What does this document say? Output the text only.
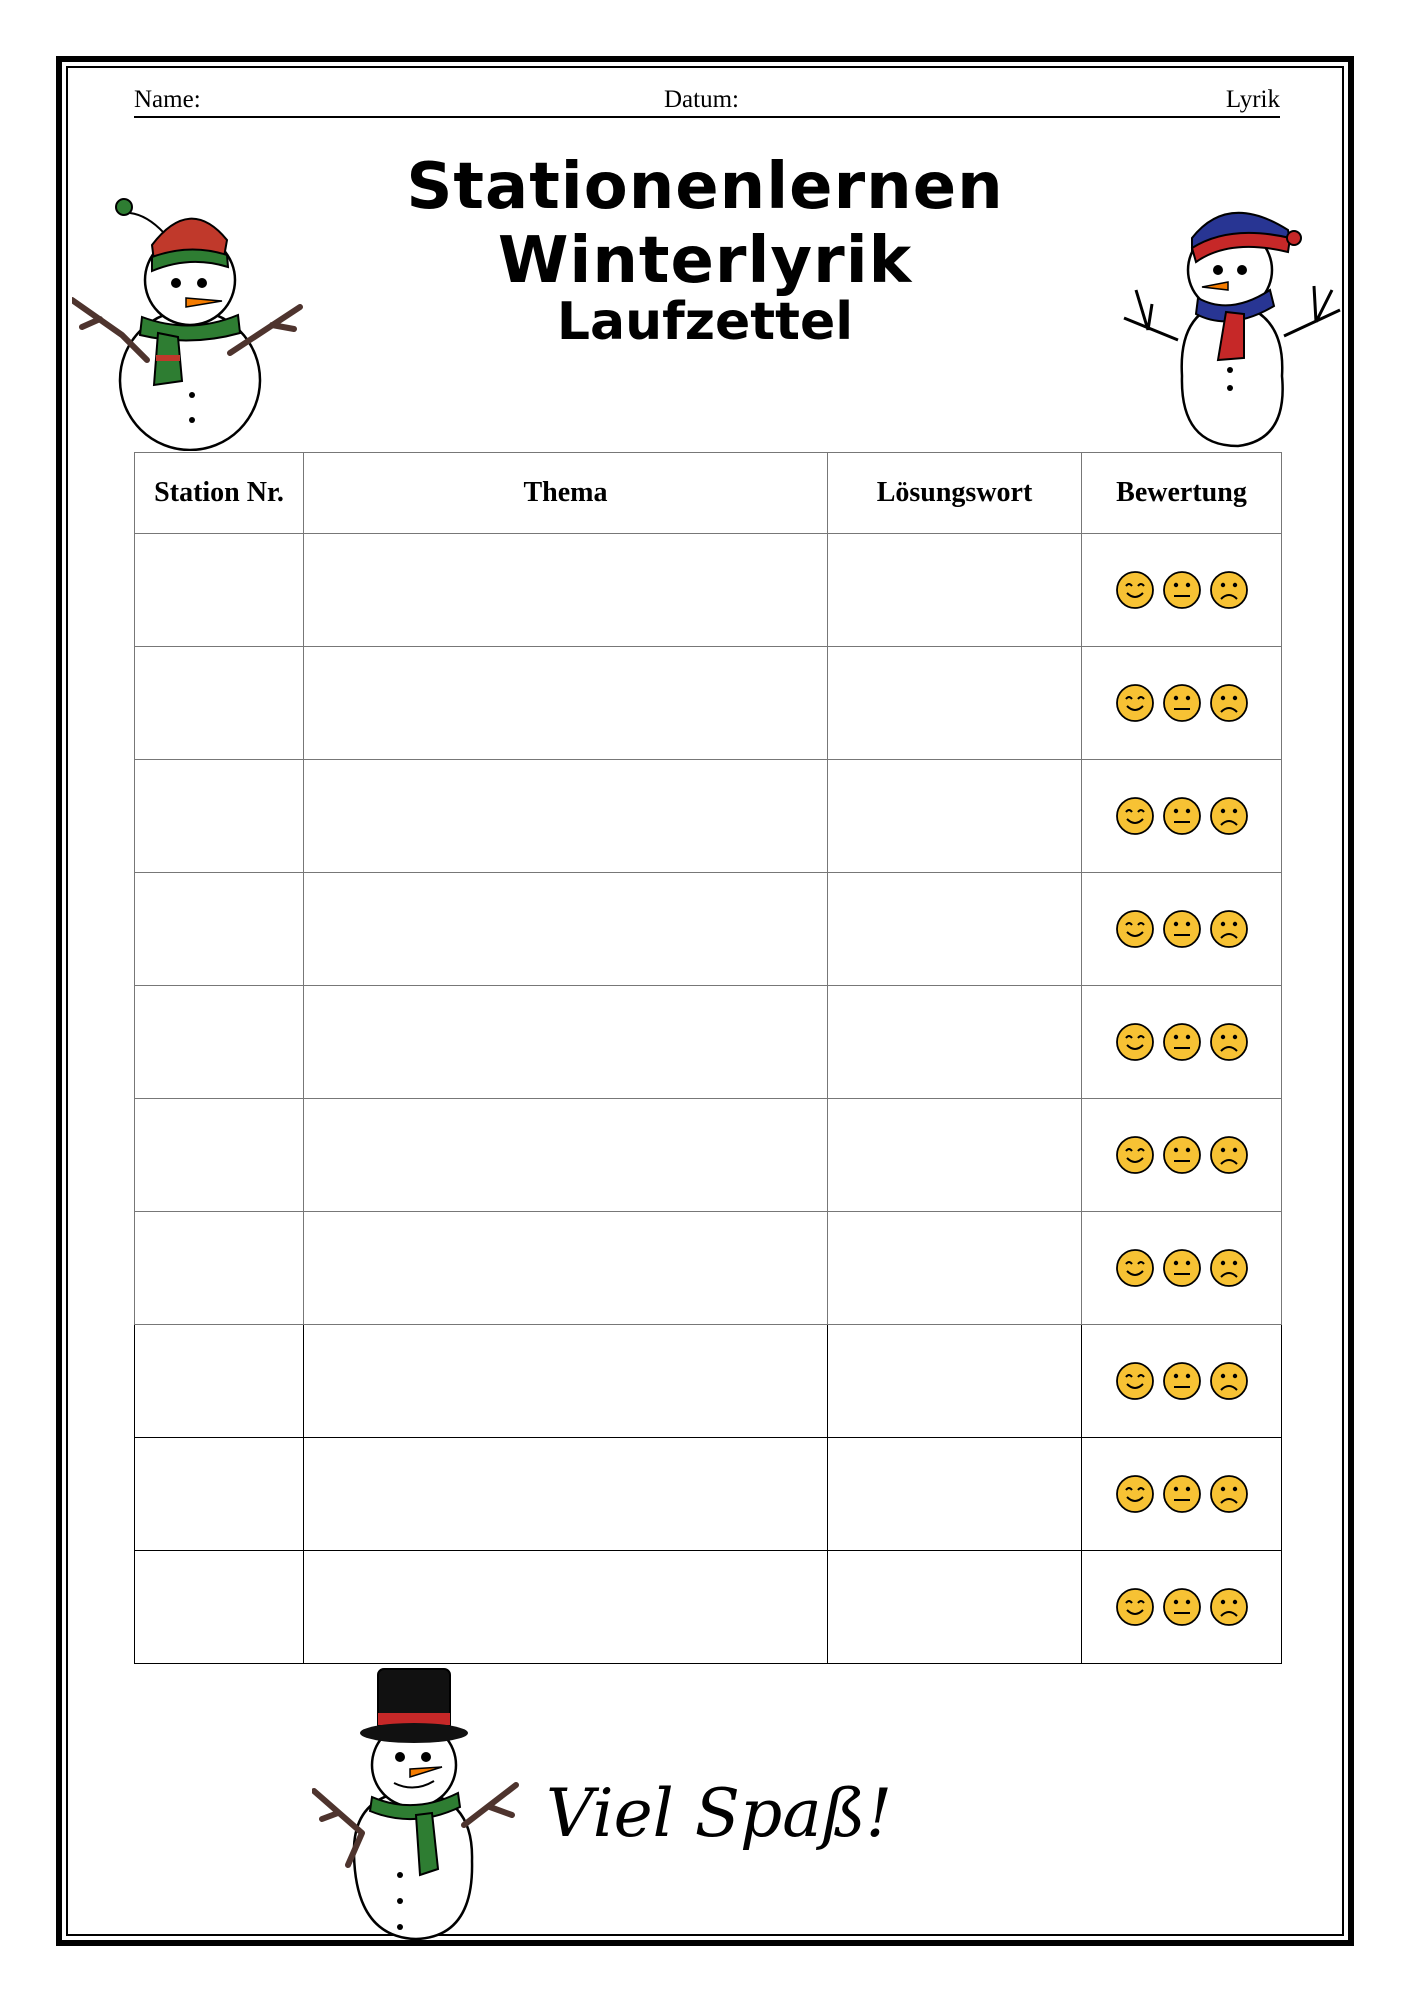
Name:	Datum:	Lyrik
Stationenlernen Winterlyrik
Laufzettel
Station Nr.	Thema	Lösungswort	Bewertung

Viel Spaß!
